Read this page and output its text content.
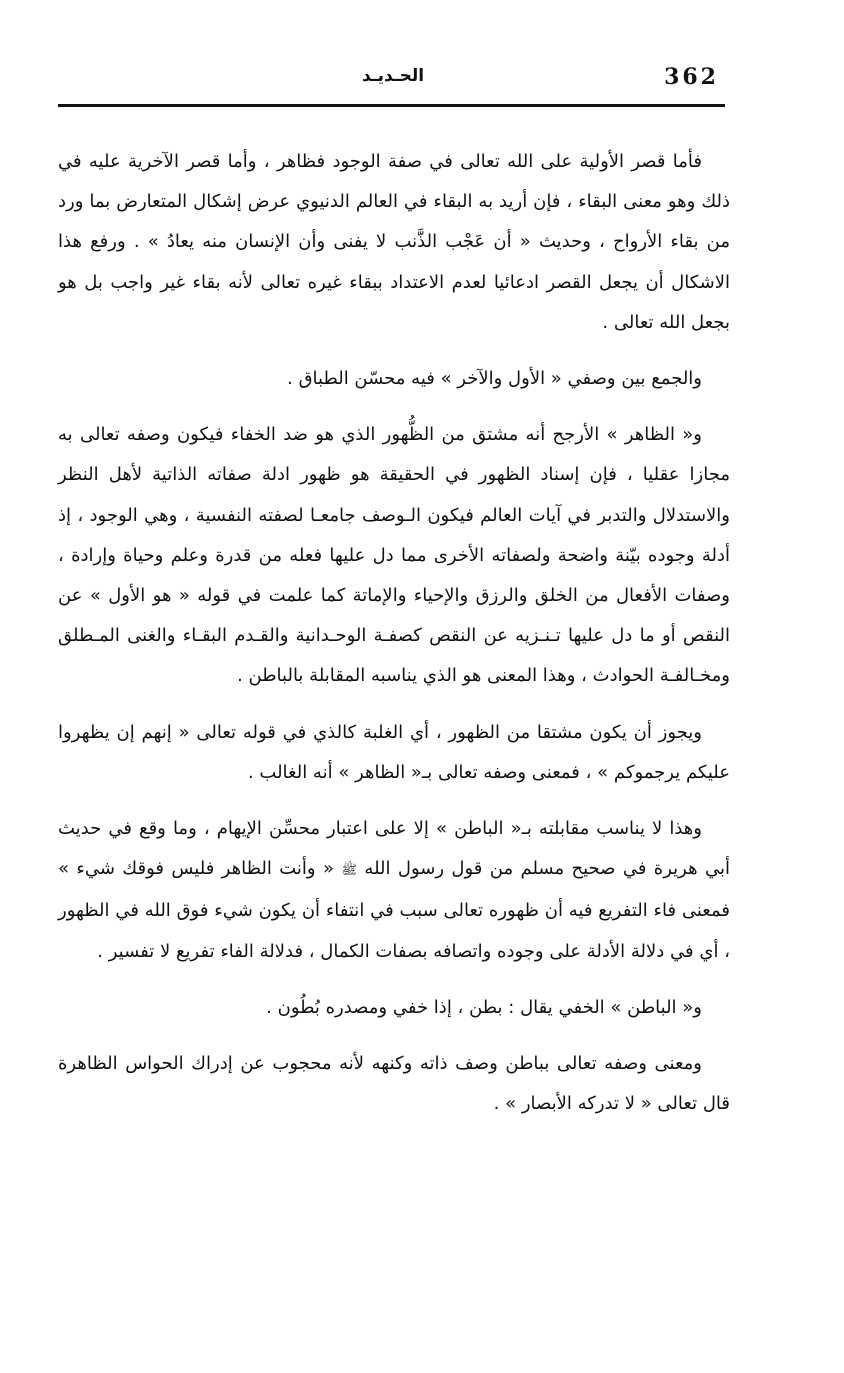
362
الحـديـد

فأما قصر الأولية على الله تعالى في صفة الوجود فظاهر ، وأما قصر الآخرية عليه في ذلك وهو معنى البقاء ، فإن أريد به البقاء في العالم الدنيوي عرض إشكال المتعارض بما ورد من بقاء الأرواح ، وحديث « أن عَجْب الذَّنب لا يفنى وأن الإنسان منه يعادُ » . ورفع هذا الاشكال أن يجعل القصر ادعائيا لعدم الاعتداد ببقاء غيره تعالى لأنه بقاء غير واجب بل هو بجعل الله تعالى .

والجمع بين وصفي « الأول والآخر » فيه محسّن الطباق .

و« الظاهر » الأرجح أنه مشتق من الظُّهور الذي هو ضد الخفاء فيكون وصفه تعالى به مجازا عقليا ، فإن إسناد الظهور في الحقيقة هو ظهور ادلة صفاته الذاتية لأهل النظر والاستدلال والتدبر في آيات العالم فيكون الـوصف جامعـا لصفته النفسية ، وهي الوجود ، إذ أدلة وجوده بيّنة واضحة ولصفاته الأخرى مما دل عليها فعله من قدرة وعلم وحياة وإرادة ، وصفات الأفعال من الخلق والرزق والإحياء والإماتة كما علمت في قوله « هو الأول » عن النقص أو ما دل عليها تـنـزيه عن النقص كصفـة الوحـدانية والقـدم البقـاء والغنى المـطلق ومخـالفـة الحوادث ، وهذا المعنى هو الذي يناسبه المقابلة بالباطن .

ويجوز أن يكون مشتقا من الظهور ، أي الغلبة كالذي في قوله تعالى « إنهم إن يظهروا عليكم يرجموكم » ، فمعنى وصفه تعالى بـ« الظاهر » أنه الغالب .

وهذا لا يناسب مقابلته بـ« الباطن » إلا على اعتبار محسِّن الإيهام ، وما وقع في حديث أبي هريرة في صحيح مسلم من قول رسول الله ﷺ « وأنت الظاهر فليس فوقك شيء » فمعنى فاء التفريع فيه أن ظهوره تعالى سبب في انتفاء أن يكون شيء فوق الله في الظهور ، أي في دلالة الأدلة على وجوده واتصافه بصفات الكمال ، فدلالة الفاء تفريع لا تفسير .

و« الباطن » الخفي يقال : بطن ، إذا خفي ومصدره بُطُون .

ومعنى وصفه تعالى بباطن وصف ذاته وكنهه لأنه محجوب عن إدراك الحواس الظاهرة قال تعالى « لا تدركه الأبصار » .
